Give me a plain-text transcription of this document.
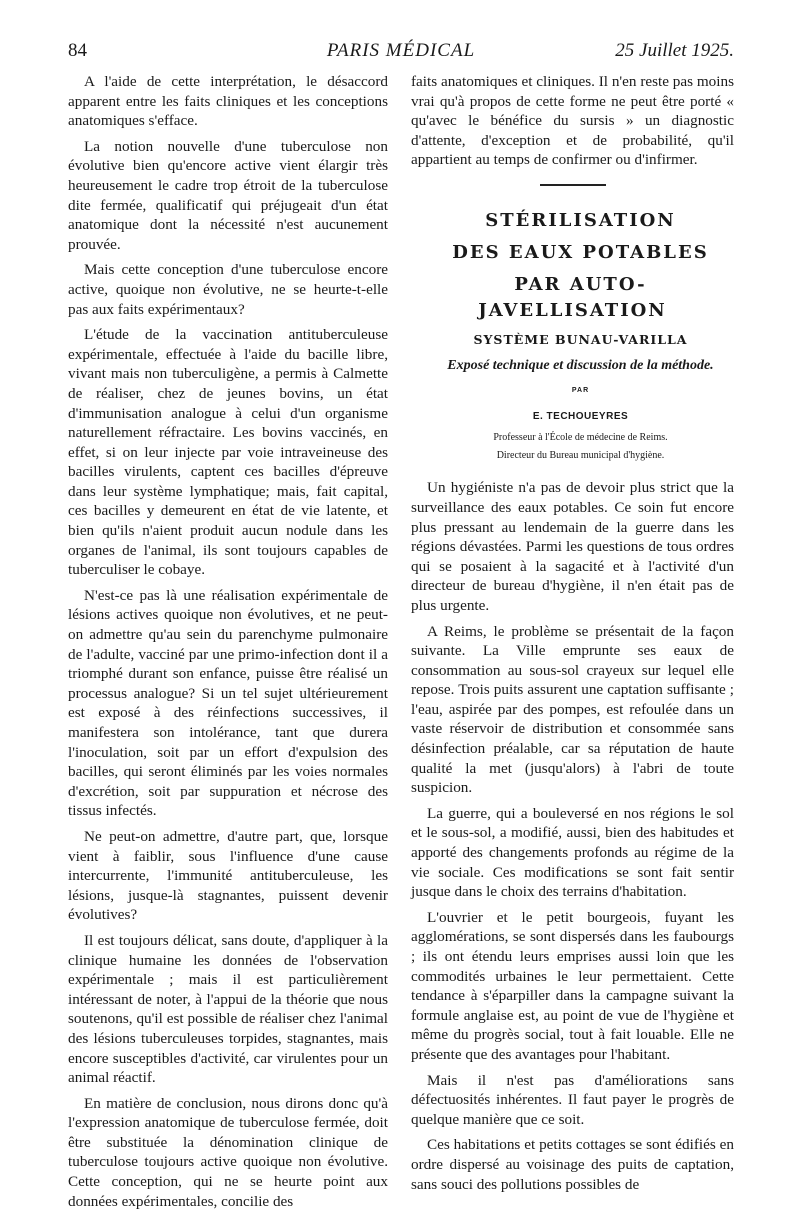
84	PARIS MÉDICAL	25 Juillet 1925.

A l'aide de cette interprétation, le désaccord apparent entre les faits cliniques et les conceptions anatomiques s'efface.

La notion nouvelle d'une tuberculose non évolutive bien qu'encore active vient élargir très heureusement le cadre trop étroit de la tuberculose dite fermée, qualificatif qui préjugeait d'un état anatomique dont la nécessité n'est aucunement prouvée.

Mais cette conception d'une tuberculose encore active, quoique non évolutive, ne se heurte-t-elle pas aux faits expérimentaux?

L'étude de la vaccination antituberculeuse expérimentale, effectuée à l'aide du bacille libre, vivant mais non tuberculigène, a permis à Calmette de réaliser, chez de jeunes bovins, un état d'immunisation analogue à celui d'un organisme naturellement réfractaire. Les bovins vaccinés, en effet, si on leur injecte par voie intraveineuse des bacilles virulents, captent ces bacilles d'épreuve dans leur système lymphatique; mais, fait capital, ces bacilles y demeurent en état de vie latente, et bien qu'ils n'aient produit aucun nodule dans les organes de l'animal, ils sont toujours capables de tuberculiser le cobaye.

N'est-ce pas là une réalisation expérimentale de lésions actives quoique non évolutives, et ne peut-on admettre qu'au sein du parenchyme pulmonaire de l'adulte, vacciné par une primo-infection dont il a triomphé durant son enfance, puisse être réalisé un processus analogue? Si un tel sujet ultérieurement est exposé à des réinfections successives, il manifestera son intolérance, tant que durera l'inoculation, soit par un effort d'expulsion des bacilles, qui seront éliminés par les voies normales d'excrétion, soit par suppuration et nécrose des tissus infectés.

Ne peut-on admettre, d'autre part, que, lorsque vient à faiblir, sous l'influence d'une cause intercurrente, l'immunité antituberculeuse, les lésions, jusque-là stagnantes, puissent devenir évolutives?

Il est toujours délicat, sans doute, d'appliquer à la clinique humaine les données de l'observation expérimentale ; mais il est particulièrement intéressant de noter, à l'appui de la théorie que nous soutenons, qu'il est possible de réaliser chez l'animal des lésions tuberculeuses torpides, stagnantes, mais encore susceptibles d'activité, car virulentes pour un animal réactif.

En matière de conclusion, nous dirons donc qu'à l'expression anatomique de tuberculose fermée, doit être substituée la dénomination clinique de tuberculose toujours active quoique non évolutive. Cette conception, qui ne se heurte point aux données expérimentales, concilie des

faits anatomiques et cliniques. Il n'en reste pas moins vrai qu'à propos de cette forme ne peut être porté « qu'avec le bénéfice du sursis » un diagnostic d'attente, d'exception et de probabilité, qu'il appartient au temps de confirmer ou d'infirmer.

STÉRILISATION

DES EAUX POTABLES

PAR AUTO-JAVELLISATION

SYSTÈME BUNAU-VARILLA

Exposé technique et discussion de la méthode.

PAR

E. TECHOUEYRES

Professeur à l'École de médecine de Reims.

Directeur du Bureau municipal d'hygiène.

Un hygiéniste n'a pas de devoir plus strict que la surveillance des eaux potables. Ce soin fut encore plus pressant au lendemain de la guerre dans les régions dévastées. Parmi les questions de tous ordres qui se posaient à la sagacité et à l'activité d'un directeur de bureau d'hygiène, il n'en était pas de plus urgente.

A Reims, le problème se présentait de la façon suivante. La Ville emprunte ses eaux de consommation au sous-sol crayeux sur lequel elle repose. Trois puits assurent une captation suffisante ; l'eau, aspirée par des pompes, est refoulée dans un vaste réservoir de distribution et consommée sans désinfection préalable, car sa réputation de haute qualité la met (jusqu'alors) à l'abri de toute suspicion.

La guerre, qui a bouleversé en nos régions le sol et le sous-sol, a modifié, aussi, bien des habitudes et apporté des changements profonds au régime de la vie sociale. Ces modifications se sont fait sentir jusque dans le choix des terrains d'habitation.

L'ouvrier et le petit bourgeois, fuyant les agglomérations, se sont dispersés dans les faubourgs ; ils ont étendu leurs emprises aussi loin que les commodités urbaines le leur permettaient. Cette tendance à s'éparpiller dans la campagne suivant la formule anglaise est, au point de vue de l'hygiène et même du progrès social, tout à fait louable. Elle ne présente que des avantages pour l'habitant.

Mais il n'est pas d'améliorations sans défectuosités inhérentes. Il faut payer le progrès de quelque manière que ce soit.

Ces habitations et petits cottages se sont édifiés en ordre dispersé au voisinage des puits de captation, sans souci des pollutions possibles de
